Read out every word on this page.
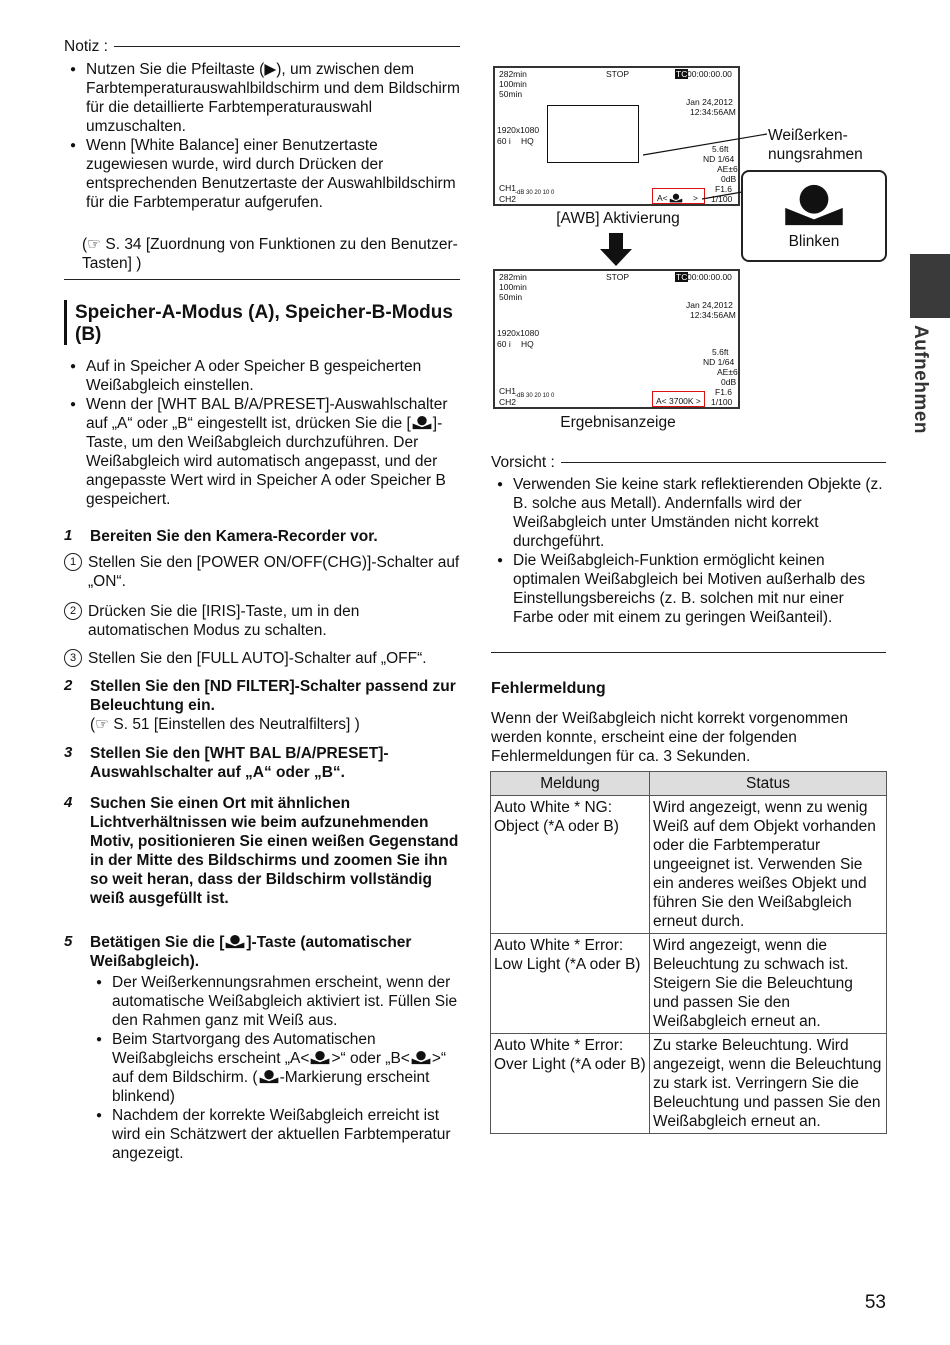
Notiz :
● Nutzen Sie die Pfeiltaste (▶), um zwischen dem Farbtemperaturauswahlbildschirm und dem Bildschirm für die detaillierte Farbtemperaturauswahl umzuschalten.
● Wenn [White Balance] einer Benutzertaste zugewiesen wurde, wird durch Drücken der entsprechenden Benutzertaste der Auswahlbildschirm für die Farbtemperatur aufgerufen.
(☞ S. 34 [Zuordnung von Funktionen zu den Benutzer-Tasten] )
Speicher-A-Modus (A), Speicher-B-Modus (B)
● Auf in Speicher A oder Speicher B gespeicherten Weißabgleich einstellen.
● Wenn der [WHT BAL B/A/PRESET]-Auswahlschalter auf „A“ oder „B“ eingestellt ist, drücken Sie die [ ]-Taste, um den Weißabgleich durchzuführen. Der Weißabgleich wird automatisch angepasst, und der angepasste Wert wird in Speicher A oder Speicher B gespeichert.
1 Bereiten Sie den Kamera-Recorder vor.
1 Stellen Sie den [POWER ON/OFF(CHG)]-Schalter auf „ON“.
2 Drücken Sie die [IRIS]-Taste, um in den automatischen Modus zu schalten.
3 Stellen Sie den [FULL AUTO]-Schalter auf „OFF“.
2 Stellen Sie den [ND FILTER]-Schalter passend zur Beleuchtung ein.
(☞ S. 51 [Einstellen des Neutralfilters] )
3 Stellen Sie den [WHT BAL B/A/PRESET]-Auswahlschalter auf „A“ oder „B“.
4 Suchen Sie einen Ort mit ähnlichen Lichtverhältnissen wie beim aufzunehmenden Motiv, positionieren Sie einen weißen Gegenstand in der Mitte des Bildschirms und zoomen Sie ihn so weit heran, dass der Bildschirm vollständig weiß ausgefüllt ist.
5 Betätigen Sie die [ ]-Taste (automatischer Weißabgleich).
● Der Weißerkennungsrahmen erscheint, wenn der automatische Weißabgleich aktiviert ist. Füllen Sie den Rahmen ganz mit Weiß aus.
● Beim Startvorgang des Automatischen Weißabgleichs erscheint „A< >“ oder „B< >“ auf dem Bildschirm. ( -Markierung erscheint blinkend)
● Nachdem der korrekte Weißabgleich erreicht ist wird ein Schätzwert der aktuellen Farbtemperatur angezeigt.
282min
100min
50min
STOP	TC 00:00:00.00
Jan 24,2012
12:34:56AM
1920x1080
60 i HQ
5.6ft
ND 1/64
AE±6
0dB
F1.6
1/100
CH1
CH2
-dB 30 20 10 0	A<	>
Weißerken-
nungsrahmen
Blinken
[AWB] Aktivierung
282min
100min
50min
STOP	TC 00:00:00.00
Jan 24,2012
12:34:56AM
1920x1080
60 i HQ
5.6ft
ND 1/64
AE±6
0dB
F1.6
1/100
CH1
CH2
-dB 30 20 10 0	A< 3700K >
Ergebnisanzeige
Vorsicht :
● Verwenden Sie keine stark reflektierenden Objekte (z. B. solche aus Metall). Andernfalls wird der Weißabgleich unter Umständen nicht korrekt durchgeführt.
● Die Weißabgleich-Funktion ermöglicht keinen optimalen Weißabgleich bei Motiven außerhalb des Einstellungsbereichs (z. B. solchen mit nur einer Farbe oder mit einem zu geringen Weißanteil).
Fehlermeldung
Wenn der Weißabgleich nicht korrekt vorgenommen werden konnte, erscheint eine der folgenden Fehlermeldungen für ca. 3 Sekunden.
Meldung	Status
Auto White * NG: Object (*A oder B)	Wird angezeigt, wenn zu wenig Weiß auf dem Objekt vorhanden oder die Farbtemperatur ungeeignet ist. Verwenden Sie ein anderes weißes Objekt und führen Sie den Weißabgleich erneut durch.
Auto White * Error: Low Light (*A oder B)	Wird angezeigt, wenn die Beleuchtung zu schwach ist. Steigern Sie die Beleuchtung und passen Sie den Weißabgleich erneut an.
Auto White * Error: Over Light (*A oder B)	Zu starke Beleuchtung. Wird angezeigt, wenn die Beleuchtung zu stark ist. Verringern Sie die Beleuchtung und passen Sie den Weißabgleich erneut an.
Aufnehmen
53
